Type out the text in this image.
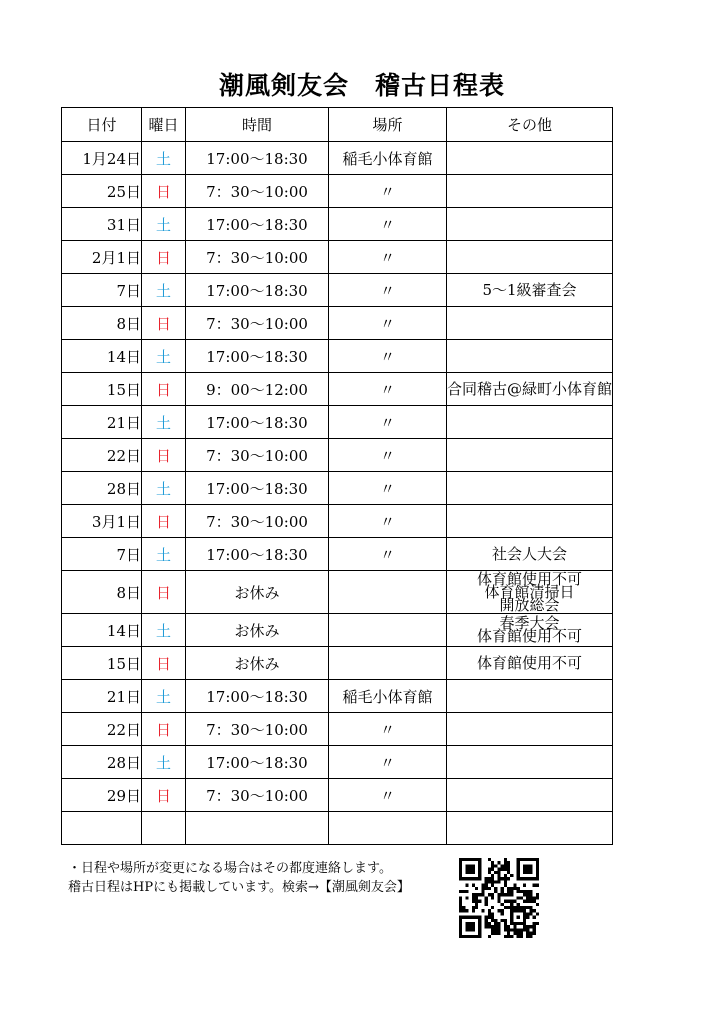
潮風剣友会　稽古日程表
日付	曜日	時間	場所	その他
1月24日	土	17:00～18:30	稲毛小体育館	
25日	日	7：30～10:00	〃	
31日	土	17:00～18:30	〃	
2月1日	日	7：30～10:00	〃	
7日	土	17:00～18:30	〃	5～1級審査会

8日	日	7：30～10:00	〃	
14日	土	17:00～18:30	〃	
15日	日	9：00～12:00	〃	合同稽古@緑町小体育館

21日	土	17:00～18:30	〃	
22日	日	7：30～10:00	〃	
28日	土	17:00～18:30	〃	
3月1日	日	7：30～10:00	〃	
7日	土	17:00～18:30	〃	社会人大会

8日	日	お休み		体育館使用不可
体育館清掃日
開放総会

14日	土	お休み		春季大会
体育館使用不可

15日	日	お休み		体育館使用不可

21日	土	17:00～18:30	稲毛小体育館	
22日	日	7：30～10:00	〃	
28日	土	17:00～18:30	〃	
29日	日	7：30～10:00	〃	

・日程や場所が変更になる場合はその都度連絡します。
稽古日程はHPにも掲載しています。検索→【潮風剣友会】
